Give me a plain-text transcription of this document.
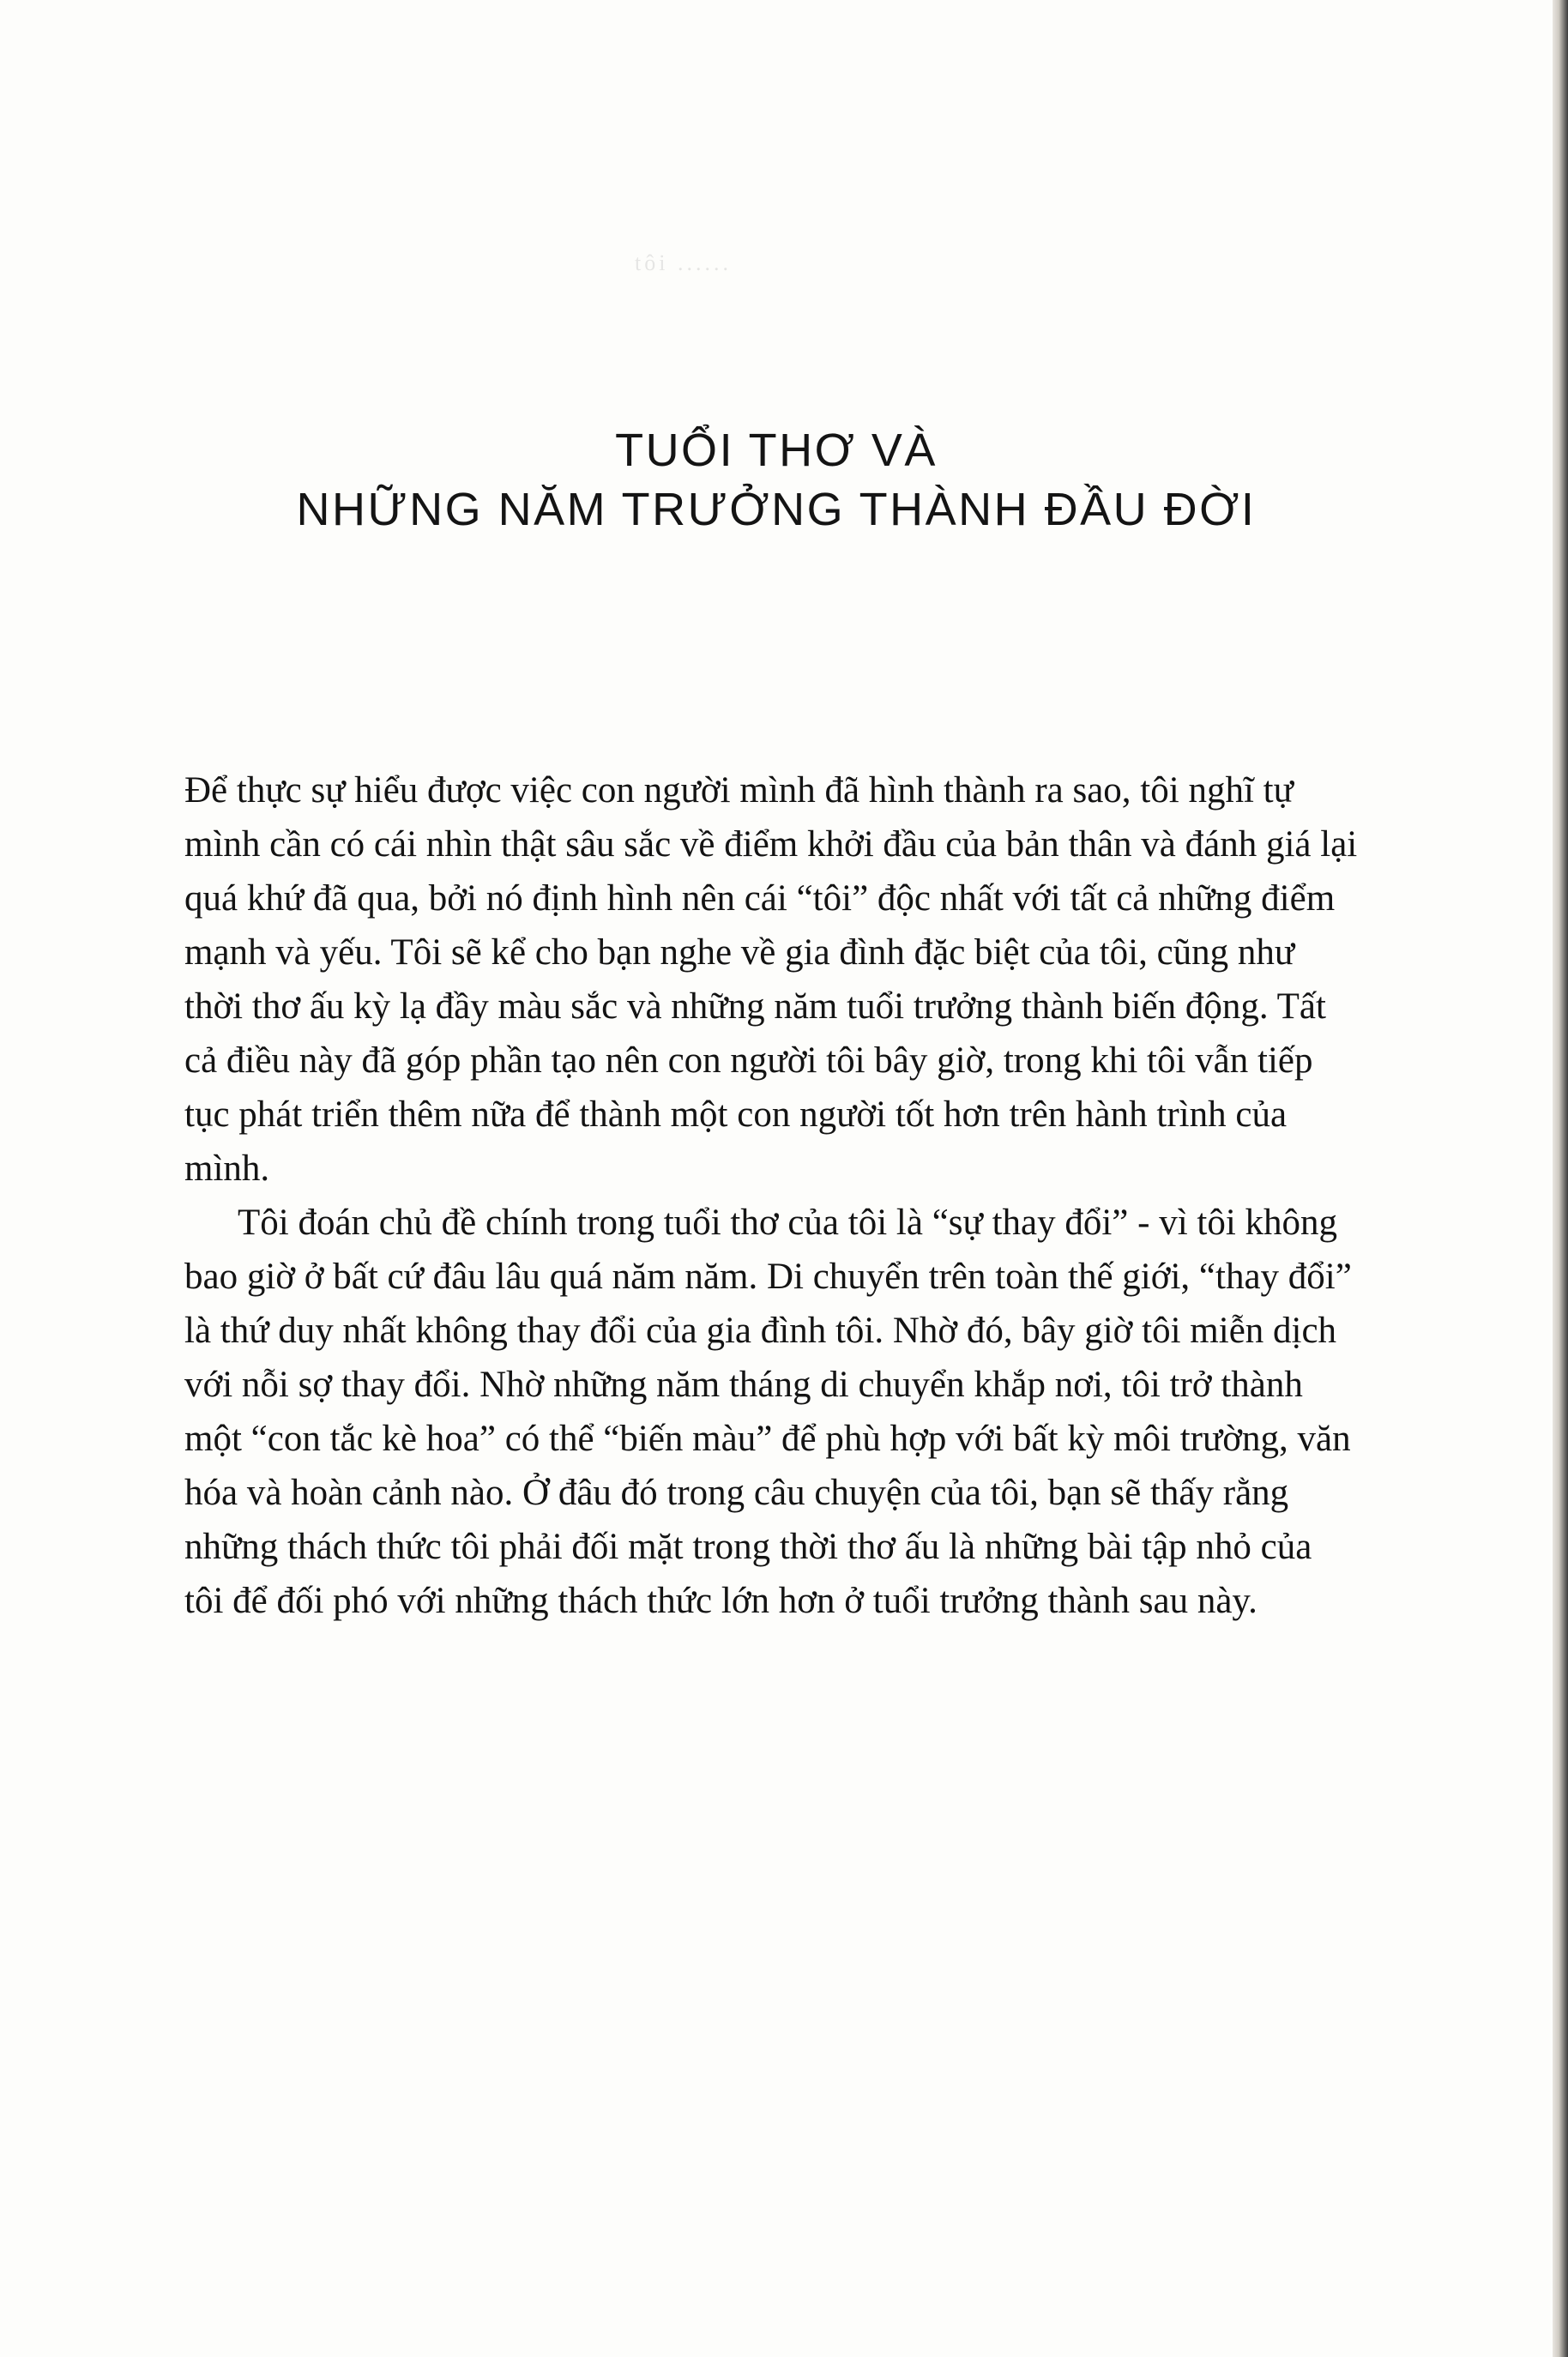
tôi ......
TUỔI THƠ VÀ
NHỮNG NĂM TRƯỞNG THÀNH ĐẦU ĐỜI

Để thực sự hiểu được việc con người mình đã hình thành ra sao, tôi nghĩ tự mình cần có cái nhìn thật sâu sắc về điểm khởi đầu của bản thân và đánh giá lại quá khứ đã qua, bởi nó định hình nên cái “tôi” độc nhất với tất cả những điểm mạnh và yếu. Tôi sẽ kể cho bạn nghe về gia đình đặc biệt của tôi, cũng như thời thơ ấu kỳ lạ đầy màu sắc và những năm tuổi trưởng thành biến động. Tất cả điều này đã góp phần tạo nên con người tôi bây giờ, trong khi tôi vẫn tiếp tục phát triển thêm nữa để thành một con người tốt hơn trên hành trình của mình.

Tôi đoán chủ đề chính trong tuổi thơ của tôi là “sự thay đổi” - vì tôi không bao giờ ở bất cứ đâu lâu quá năm năm. Di chuyển trên toàn thế giới, “thay đổi” là thứ duy nhất không thay đổi của gia đình tôi. Nhờ đó, bây giờ tôi miễn dịch với nỗi sợ thay đổi. Nhờ những năm tháng di chuyển khắp nơi, tôi trở thành một “con tắc kè hoa” có thể “biến màu” để phù hợp với bất kỳ môi trường, văn hóa và hoàn cảnh nào. Ở đâu đó trong câu chuyện của tôi, bạn sẽ thấy rằng những thách thức tôi phải đối mặt trong thời thơ ấu là những bài tập nhỏ của tôi để đối phó với những thách thức lớn hơn ở tuổi trưởng thành sau này.
